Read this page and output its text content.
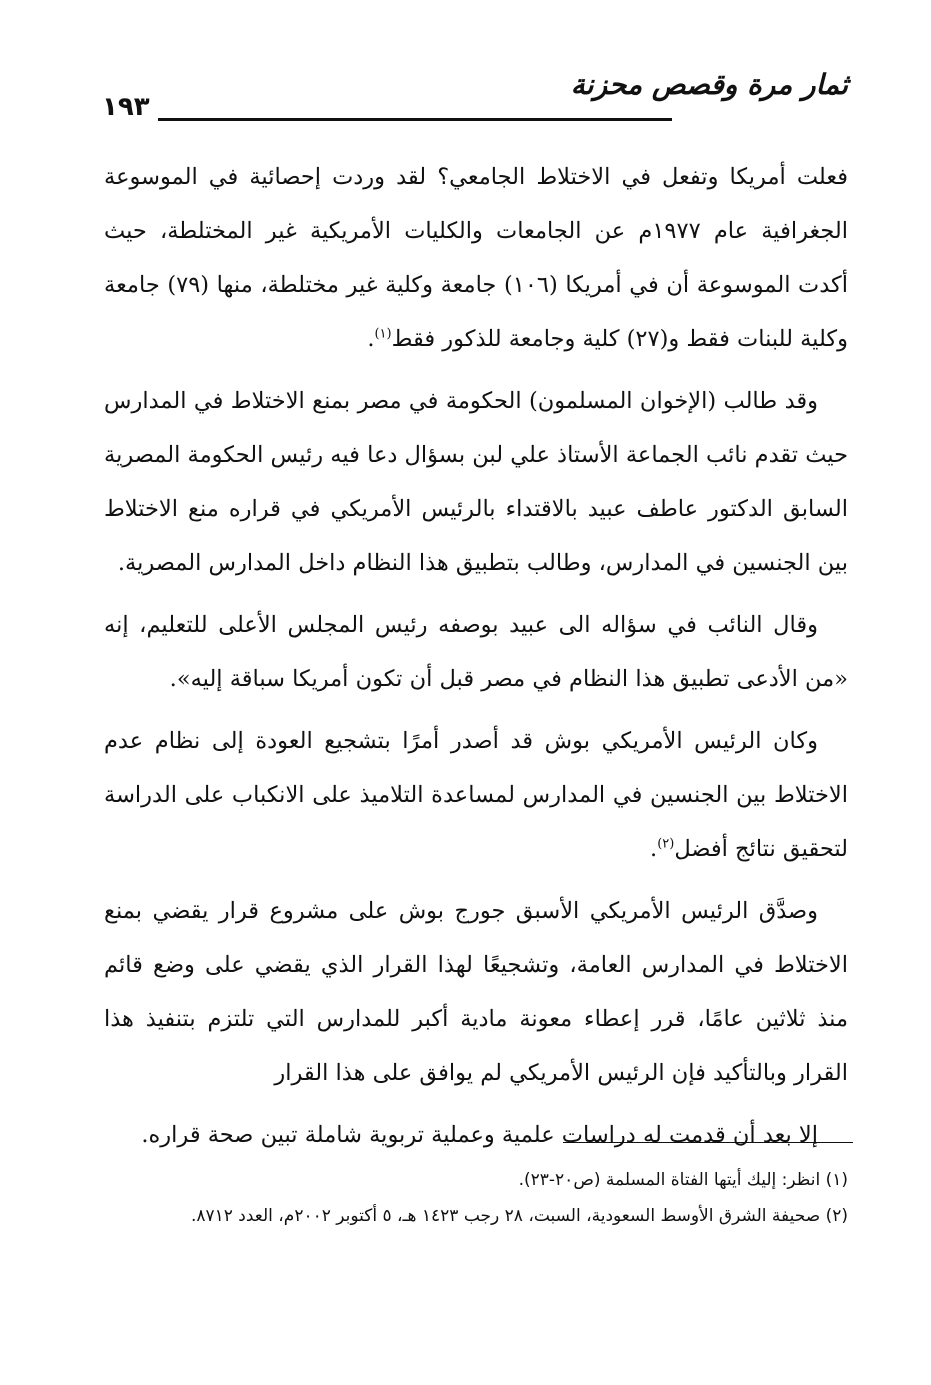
١٩٣
ثمار مرة وقصص محزنة

فعلت أمريكا وتفعل في الاختلاط الجامعي؟ لقد وردت إحصائية في الموسوعة الجغرافية عام ١٩٧٧م عن الجامعات والكليات الأمريكية غير المختلطة، حيث أكدت الموسوعة أن في أمريكا (١٠٦) جامعة وكلية غير مختلطة، منها (٧٩) جامعة وكلية للبنات فقط و(٢٧) كلية وجامعة للذكور فقط$^{(١)}$.

وقد طالب (الإخوان المسلمون) الحكومة في مصر بمنع الاختلاط في المدارس حيث تقدم نائب الجماعة الأستاذ علي لبن بسؤال دعا فيه رئيس الحكومة المصرية السابق الدكتور عاطف عبيد بالاقتداء بالرئيس الأمريكي في قراره منع الاختلاط بين الجنسين في المدارس، وطالب بتطبيق هذا النظام داخل المدارس المصرية.

وقال النائب في سؤاله الى عبيد بوصفه رئيس المجلس الأعلى للتعليم، إنه «من الأدعى تطبيق هذا النظام في مصر قبل أن تكون أمريكا سباقة إليه».

وكان الرئيس الأمريكي بوش قد أصدر أمرًا بتشجيع العودة إلى نظام عدم الاختلاط بين الجنسين في المدارس لمساعدة التلاميذ على الانكباب على الدراسة لتحقيق نتائج أفضل$^{(٢)}$.

وصدَّق الرئيس الأمريكي الأسبق جورج بوش على مشروع قرار يقضي بمنع الاختلاط في المدارس العامة، وتشجيعًا لهذا القرار الذي يقضي على وضع قائم منذ ثلاثين عامًا، قرر إعطاء معونة مادية أكبر للمدارس التي تلتزم بتنفيذ هذا القرار وبالتأكيد فإن الرئيس الأمريكي لم يوافق على هذا القرار

إلا بعد أن قدمت له دراسات علمية وعملية تربوية شاملة تبين صحة قراره.

(١) انظر: إليك أيتها الفتاة المسلمة (ص٢٠-٢٣).
(٢) صحيفة الشرق الأوسط السعودية، السبت، ٢٨ رجب ١٤٢٣ هـ، ٥ أكتوبر ٢٠٠٢م، العدد ٨٧١٢.
